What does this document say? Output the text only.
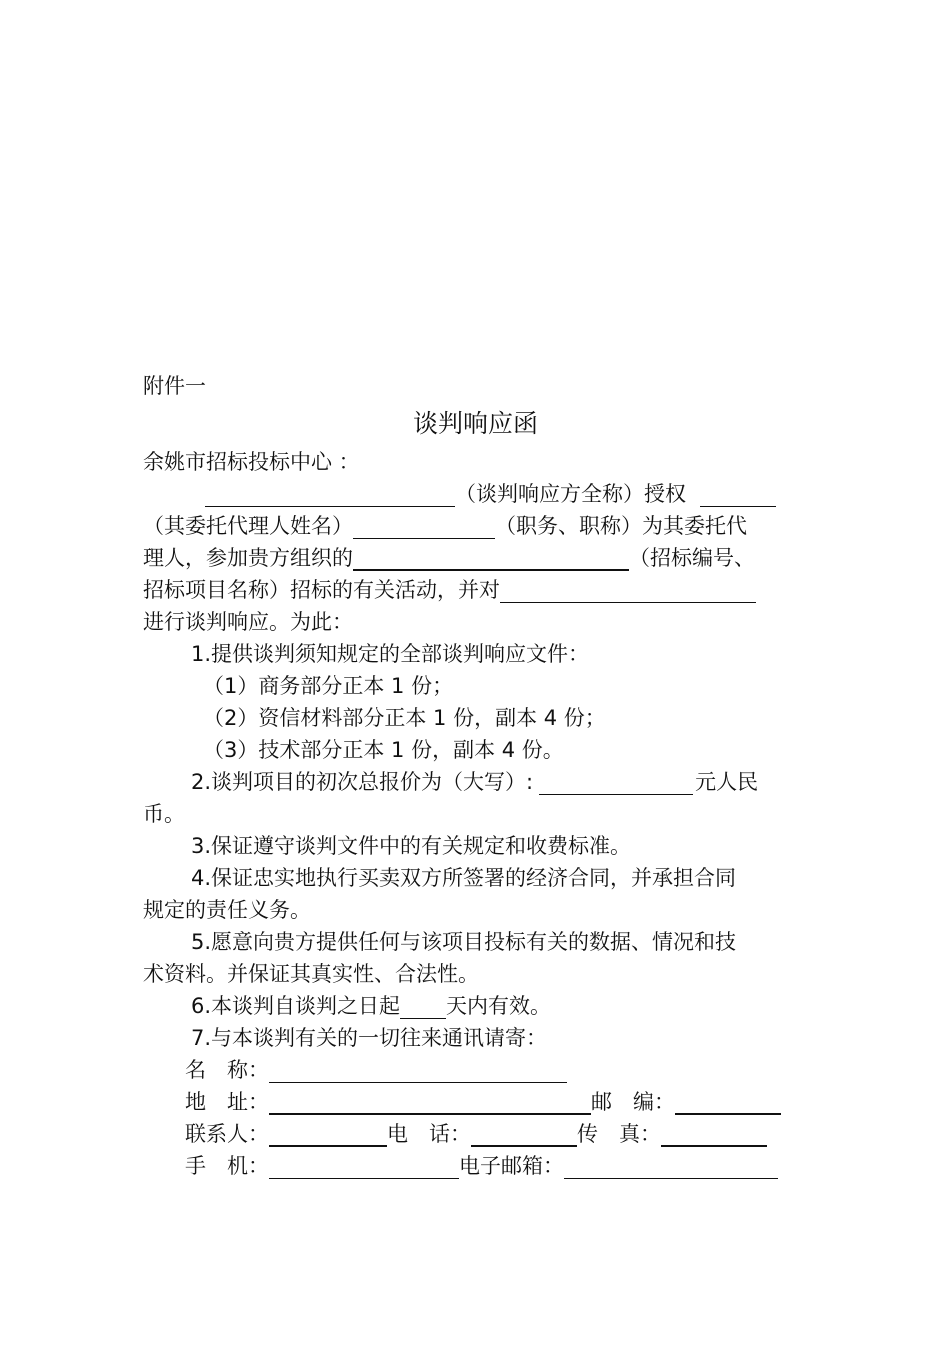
附件一
谈判响应函
余姚市招标投标中心 ：
（谈判响应方全称）授权
（其委托代理人姓名）	（职务、职称）为其委托代
理人，参加贵方组织的	（招标编号、
招标项目名称）招标的有关活动，并对
进行谈判响应。为此：
1.提供谈判须知规定的全部谈判响应文件：
（1）商务部分正本 1 份；
（2）资信材料部分正本 1 份，副本 4 份；
（3）技术部分正本 1 份，副本 4 份。
2.谈判项目的初次总报价为（大写）:	元人民
币。
3.保证遵守谈判文件中的有关规定和收费标准。
4.保证忠实地执行买卖双方所签署的经济合同，并承担合同
规定的责任义务。
5.愿意向贵方提供任何与该项目投标有关的数据、情况和技
术资料。并保证其真实性、合法性。
6.本谈判自谈判之日起 天内有效。
7.与本谈判有关的一切往来通讯请寄：
名　称：
地　址：	邮　编：
联系人：	电　话：	传　真：
手　机：	电子邮箱：
